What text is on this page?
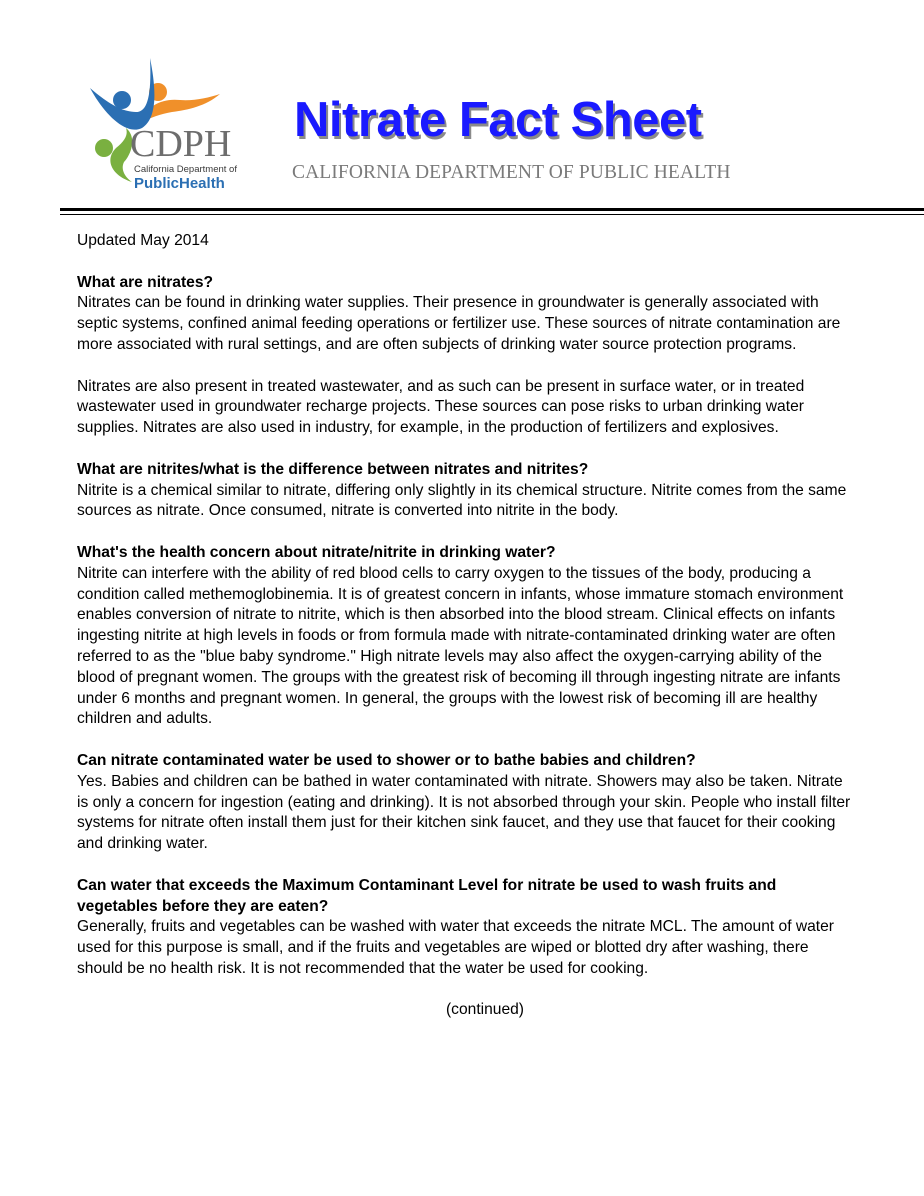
CDPH
California Department of
PublicHealth
Nitrate Fact Sheet
CALIFORNIA DEPARTMENT OF PUBLIC HEALTH

Updated May 2014

What are nitrates?

Nitrates can be found in drinking water supplies. Their presence in groundwater is generally associated with septic systems, confined animal feeding operations or fertilizer use. These sources of nitrate contamination are more associated with rural settings, and are often subjects of drinking water source protection programs.

Nitrates are also present in treated wastewater, and as such can be present in surface water, or in treated wastewater used in groundwater recharge projects. These sources can pose risks to urban drinking water supplies. Nitrates are also used in industry, for example, in the production of fertilizers and explosives.

What are nitrites/what is the difference between nitrates and nitrites?

Nitrite is a chemical similar to nitrate, differing only slightly in its chemical structure. Nitrite comes from the same sources as nitrate. Once consumed, nitrate is converted into nitrite in the body.

What's the health concern about nitrate/nitrite in drinking water?

Nitrite can interfere with the ability of red blood cells to carry oxygen to the tissues of the body, producing a condition called methemoglobinemia. It is of greatest concern in infants, whose immature stomach environment enables conversion of nitrate to nitrite, which is then absorbed into the blood stream. Clinical effects on infants ingesting nitrite at high levels in foods or from formula made with nitrate-contaminated drinking water are often referred to as the "blue baby syndrome." High nitrate levels may also affect the oxygen-carrying ability of the blood of pregnant women. The groups with the greatest risk of becoming ill through ingesting nitrate are infants under 6 months and pregnant women. In general, the groups with the lowest risk of becoming ill are healthy children and adults.

Can nitrate contaminated water be used to shower or to bathe babies and children?

Yes. Babies and children can be bathed in water contaminated with nitrate. Showers may also be taken. Nitrate is only a concern for ingestion (eating and drinking). It is not absorbed through your skin. People who install filter systems for nitrate often install them just for their kitchen sink faucet, and they use that faucet for their cooking and drinking water.

Can water that exceeds the Maximum Contaminant Level for nitrate be used to wash fruits and vegetables before they are eaten?

Generally, fruits and vegetables can be washed with water that exceeds the nitrate MCL. The amount of water used for this purpose is small, and if the fruits and vegetables are wiped or blotted dry after washing, there should be no health risk. It is not recommended that the water be used for cooking.

(continued)
